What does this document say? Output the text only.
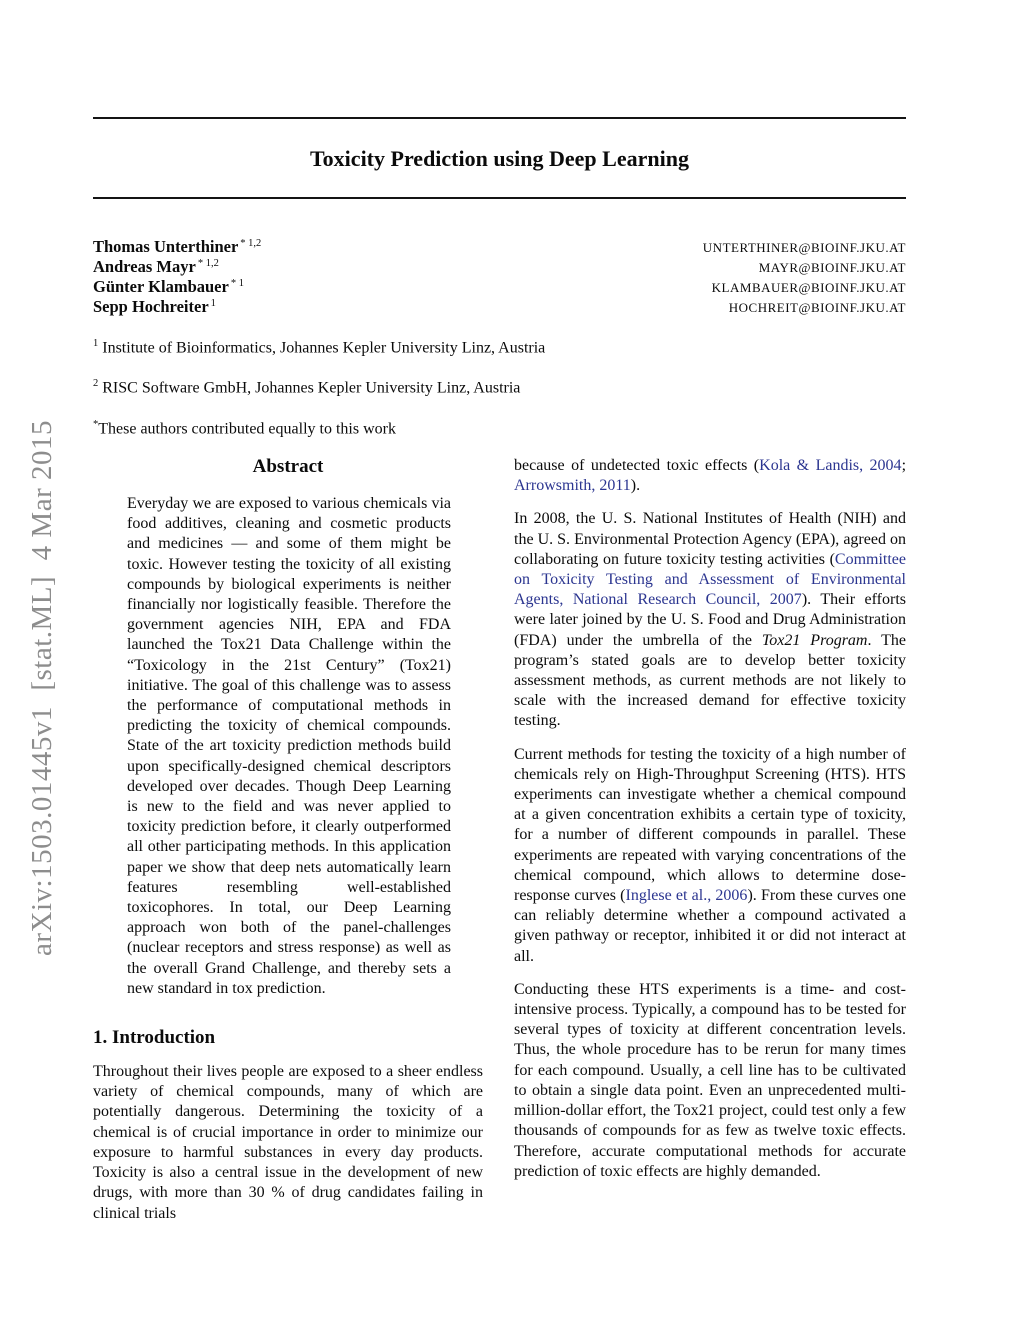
arXiv:1503.01445v1  [stat.ML]  4 Mar 2015
Toxicity Prediction using Deep Learning
Thomas Unterthiner $^{* 1,2}$	UNTERTHINER@BIOINF.JKU.AT
Andreas Mayr $^{* 1,2}$	MAYR@BIOINF.JKU.AT
Günter Klambauer $^{* 1}$	KLAMBAUER@BIOINF.JKU.AT
Sepp Hochreiter $^1$	HOCHREIT@BIOINF.JKU.AT
$^1$ Institute of Bioinformatics, Johannes Kepler University Linz, Austria
$^2$ RISC Software GmbH, Johannes Kepler University Linz, Austria
*These authors contributed equally to this work
Abstract

Everyday we are exposed to various chemicals via food additives, cleaning and cosmetic products and medicines — and some of them might be toxic. However testing the toxicity of all existing compounds by biological experiments is neither financially nor logistically feasible. Therefore the government agencies NIH, EPA and FDA launched the Tox21 Data Challenge within the “Toxicology in the 21st Century” (Tox21) initiative. The goal of this challenge was to assess the performance of computational methods in predicting the toxicity of chemical compounds. State of the art toxicity prediction methods build upon specifically-designed chemical descriptors developed over decades. Though Deep Learning is new to the field and was never applied to toxicity prediction before, it clearly outperformed all other participating methods. In this application paper we show that deep nets automatically learn features resembling well-established toxicophores. In total, our Deep Learning approach won both of the panel-challenges (nuclear receptors and stress response) as well as the overall Grand Challenge, and thereby sets a new standard in tox prediction.

1. Introduction

Throughout their lives people are exposed to a sheer endless variety of chemical compounds, many of which are potentially dangerous. Determining the toxicity of a chemical is of crucial importance in order to minimize our exposure to harmful substances in every day products. Toxicity is also a central issue in the development of new drugs, with more than 30 % of drug candidates failing in clinical trials

because of undetected toxic effects (Kola & Landis, 2004; Arrowsmith, 2011).

In 2008, the U. S. National Institutes of Health (NIH) and the U. S. Environmental Protection Agency (EPA), agreed on collaborating on future toxicity testing activities (Committee on Toxicity Testing and Assessment of Environmental Agents, National Research Council, 2007). Their efforts were later joined by the U. S. Food and Drug Administration (FDA) under the umbrella of the Tox21 Program. The program’s stated goals are to develop better toxicity assessment methods, as current methods are not likely to scale with the increased demand for effective toxicity testing.

Current methods for testing the toxicity of a high number of chemicals rely on High-Throughput Screening (HTS). HTS experiments can investigate whether a chemical compound at a given concentration exhibits a certain type of toxicity, for a number of different compounds in parallel. These experiments are repeated with varying concentrations of the chemical compound, which allows to determine dose-response curves (Inglese et al., 2006). From these curves one can reliably determine whether a compound activated a given pathway or receptor, inhibited it or did not interact at all.

Conducting these HTS experiments is a time- and cost-intensive process. Typically, a compound has to be tested for several types of toxicity at different concentration levels. Thus, the whole procedure has to be rerun for many times for each compound. Usually, a cell line has to be cultivated to obtain a single data point. Even an unprecedented multi-million-dollar effort, the Tox21 project, could test only a few thousands of compounds for as few as twelve toxic effects. Therefore, accurate computational methods for accurate prediction of toxic effects are highly demanded.
